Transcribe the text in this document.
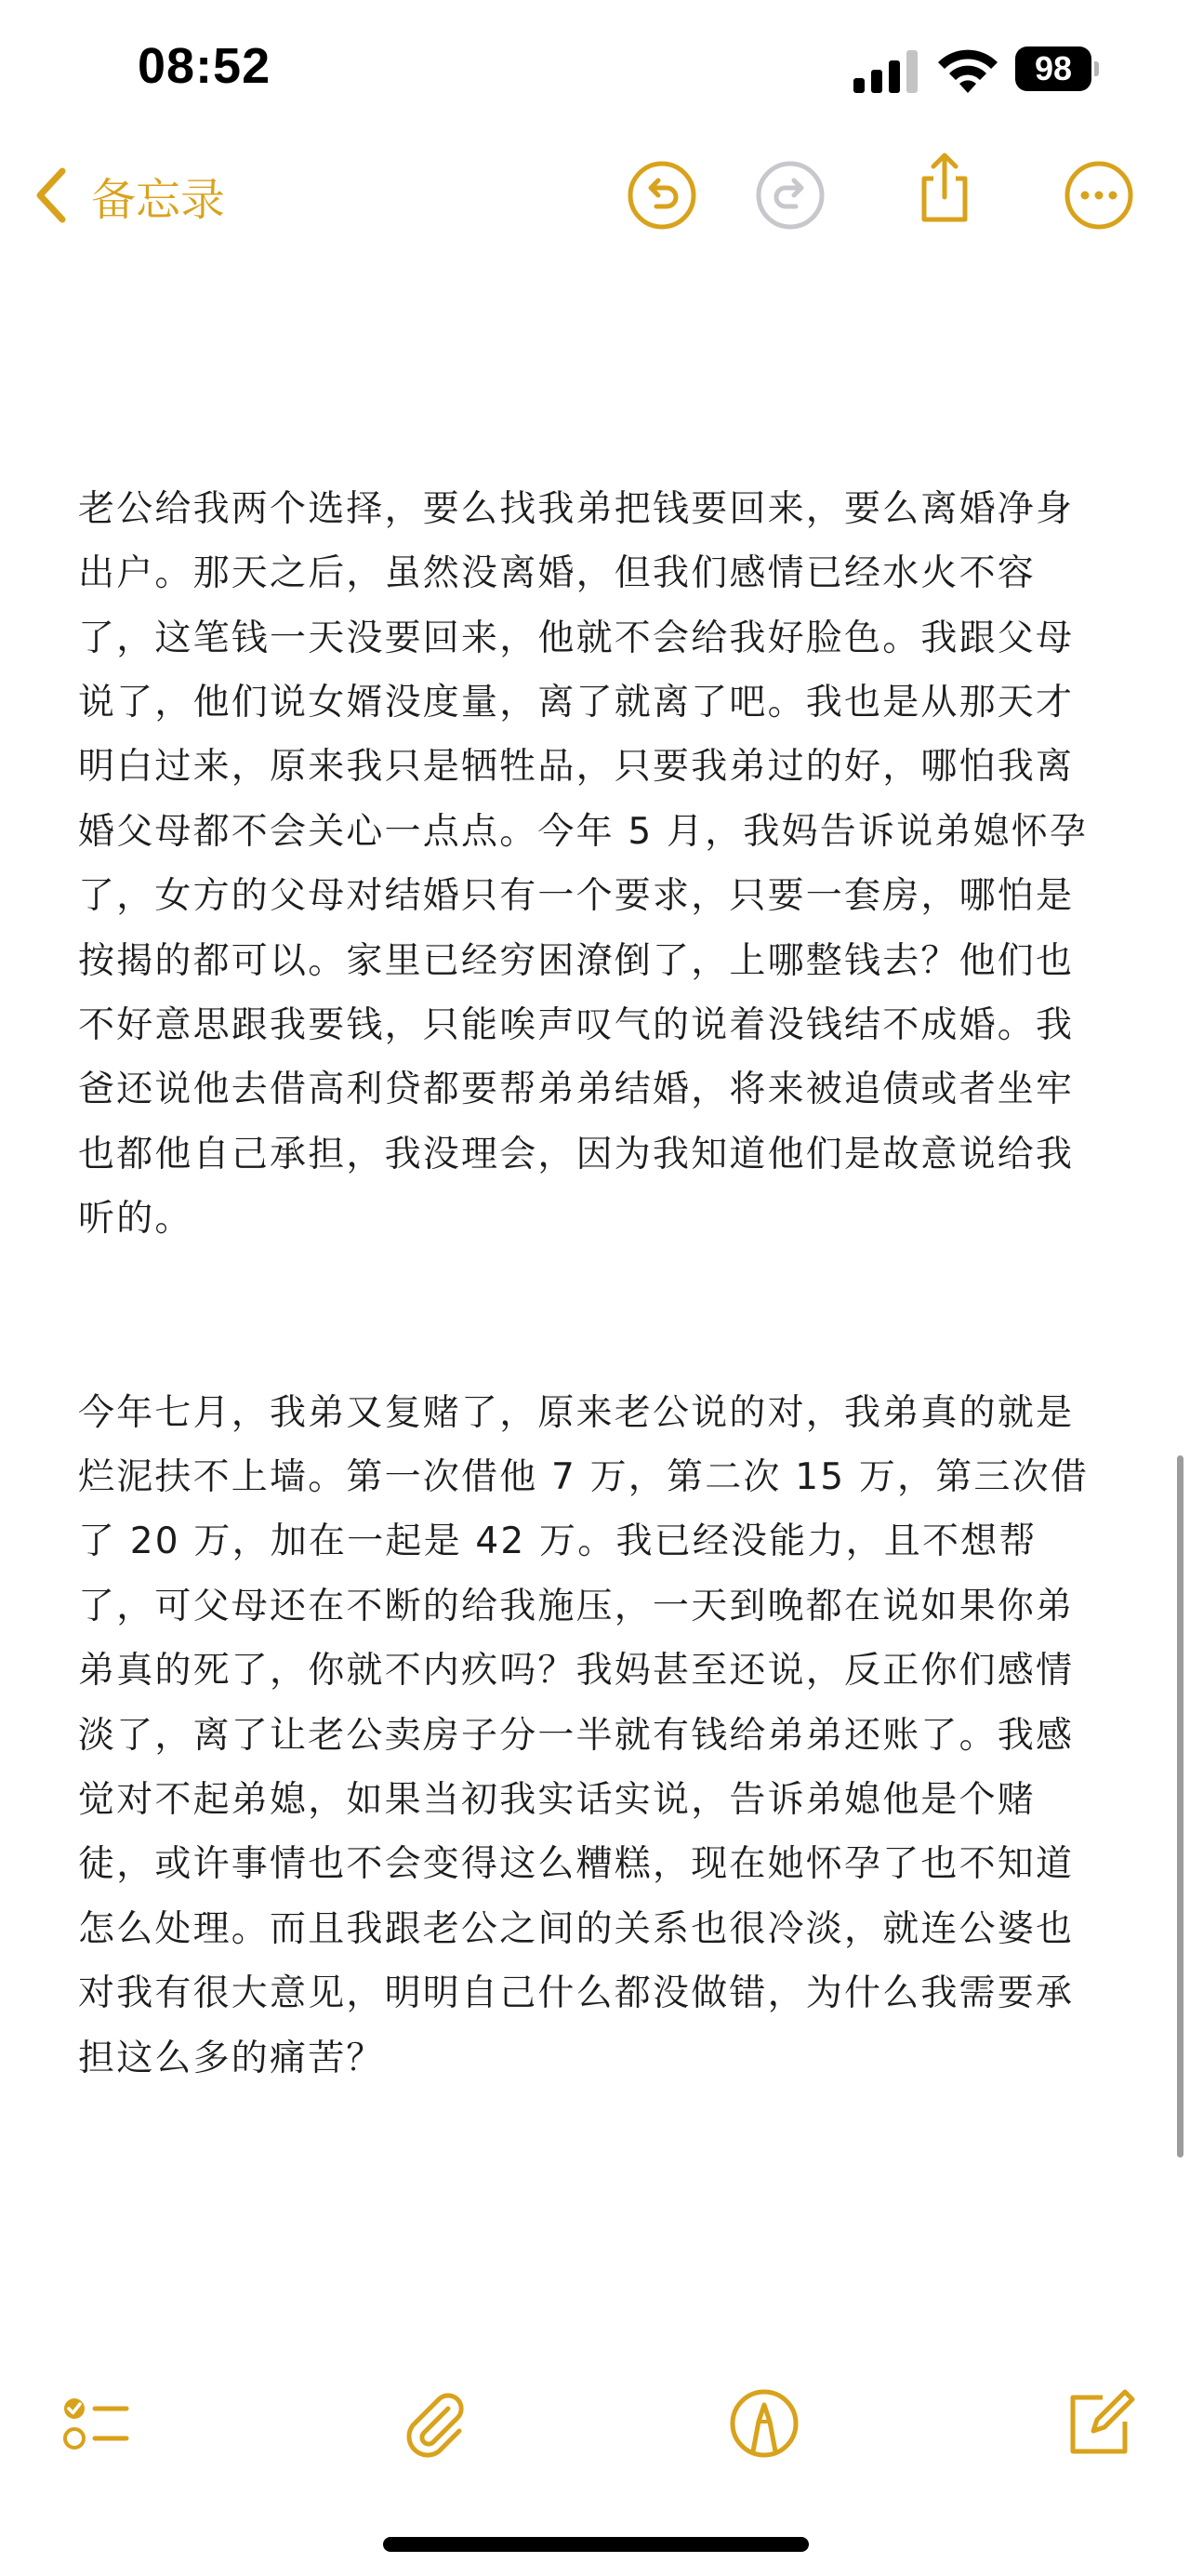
08:52	98
备忘录

老公给我两个选择，要么找我弟把钱要回来，要么离婚净身出户。那天之后，虽然没离婚，但我们感情已经水火不容了，这笔钱一天没要回来，他就不会给我好脸色。我跟父母说了，他们说女婿没度量，离了就离了吧。我也是从那天才明白过来，原来我只是牺牲品，只要我弟过的好，哪怕我离婚父母都不会关心一点点。今年 5 月，我妈告诉说弟媳怀孕了，女方的父母对结婚只有一个要求，只要一套房，哪怕是按揭的都可以。家里已经穷困潦倒了，上哪整钱去？他们也不好意思跟我要钱，只能唉声叹气的说着没钱结不成婚。我爸还说他去借高利贷都要帮弟弟结婚，将来被追债或者坐牢也都他自己承担，我没理会，因为我知道他们是故意说给我听的。

今年七月，我弟又复赌了，原来老公说的对，我弟真的就是烂泥扶不上墙。第一次借他 7 万，第二次 15 万，第三次借了 20 万，加在一起是 42 万。我已经没能力，且不想帮了，可父母还在不断的给我施压，一天到晚都在说如果你弟弟真的死了，你就不内疚吗？我妈甚至还说，反正你们感情淡了，离了让老公卖房子分一半就有钱给弟弟还账了。我感觉对不起弟媳，如果当初我实话实说，告诉弟媳他是个赌徒，或许事情也不会变得这么糟糕，现在她怀孕了也不知道怎么处理。而且我跟老公之间的关系也很冷淡，就连公婆也对我有很大意见，明明自己什么都没做错，为什么我需要承担这么多的痛苦？
